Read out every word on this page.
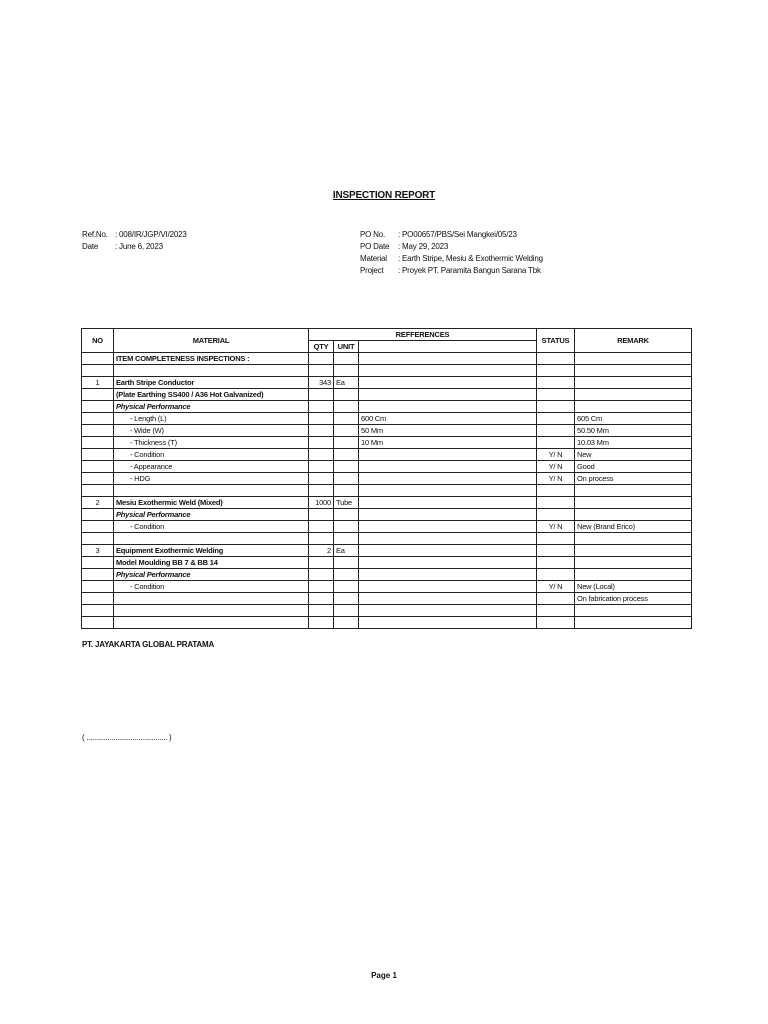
INSPECTION REPORT
Ref.No. : 008/IR/JGP/VI/2023
Date	: June 6, 2023
PO No.	: PO00657/PBS/Sei Mangkei/05/23
PO Date	: May 29, 2023
Material	: Earth Stripe, Mesiu & Exothermic Welding
Project	: Proyek PT. Paramita Bangun Sarana Tbk
NO	MATERIAL	REFFERENCES			STATUS	REMARK
		QTY	UNIT			
	ITEM COMPLETENESS INSPECTIONS :					

1	Earth Stripe Conductor	343	Ea			
	(Plate Earthing SS400 / A36 Hot Galvanized)					
	Physical Performance					
	- Length (L)			600 Cm		605 Cm
	- Wide (W)			50 Mm		50.50 Mm
	- Thickness (T)			10 Mm		10.03 Mm
	- Condition				Y/ N	New
	- Appearance				Y/ N	Good
	- HDG				Y/ N	On process

2	Mesiu Exothermic Weld (Mixed)	1000	Tube			
	Physical Performance					
	- Condition				Y/ N	New (Brand Erico)

3	Equipment Exothermic Welding	2	Ea			
	Model Moulding BB 7 & BB 14					
	Physical Performance					
	- Condition				Y/ N	New (Local)
						On fabrication process

PT. JAYAKARTA GLOBAL PRATAMA
( .......................................... )
Page 1
